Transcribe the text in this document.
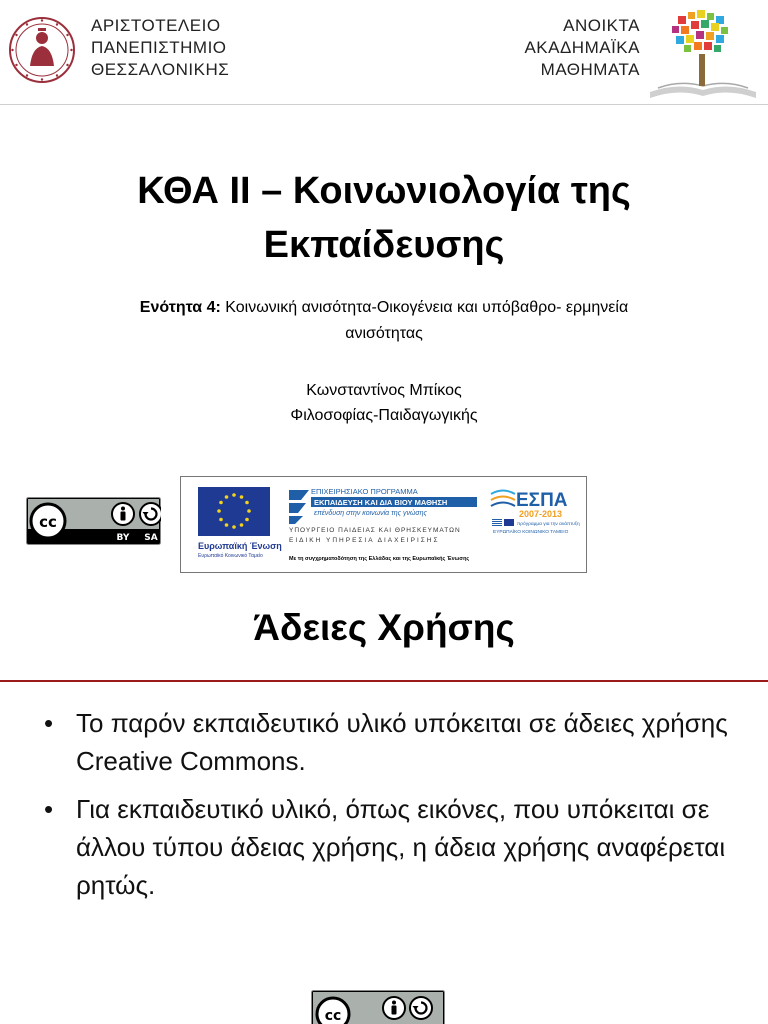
ΑΡΙΣΤΟΤΕΛΕΙΟ
ΠΑΝΕΠΙΣΤΗΜΙΟ
ΘΕΣΣΑΛΟΝΙΚΗΣ
ΑΝΟΙΚΤΑ
ΑΚΑΔΗΜΑΪΚΑ
ΜΑΘΗΜΑΤΑ
ΚΘΑ ΙΙ – Κοινωνιολογία της
Εκπαίδευσης
Ενότητα 4: Κοινωνική ανισότητα-Οικογένεια και υπόβαθρο- ερμηνεία
ανισότητας
Κωνσταντίνος Μπίκος
Φιλοσοφίας-Παιδαγωγικής
cc
BY SA
Ευρωπαϊκή Ένωση
Ευρωπαϊκό Κοινωνικό Ταμείο
ΕΠΙΧΕΙΡΗΣΙΑΚΟ ΠΡΟΓΡΑΜΜΑ
ΕΚΠΑΙΔΕΥΣΗ ΚΑΙ ΔΙΑ ΒΙΟΥ ΜΑΘΗΣΗ
επένδυση στην κοινωνία της γνώσης
ΥΠΟΥΡΓΕΙΟ ΠΑΙΔΕΙΑΣ ΚΑΙ ΘΡΗΣΚΕΥΜΑΤΩΝ
ΕΙΔΙΚΗ ΥΠΗΡΕΣΙΑ ΔΙΑΧΕΙΡΙΣΗΣ
Με τη συγχρηματοδότηση της Ελλάδας και της Ευρωπαϊκής Ένωσης
ΕΣΠΑ
2007-2013
πρόγραμμα για την ανάπτυξη
ΕΥΡΩΠΑΪΚΟ ΚΟΙΝΩΝΙΚΟ ΤΑΜΕΙΟ
Άδειες Χρήσης
• Το παρόν εκπαιδευτικό υλικό υπόκειται σε άδειες χρήσης Creative Commons.
• Για εκπαιδευτικό υλικό, όπως εικόνες, που υπόκειται σε άλλου τύπου άδειας χρήσης, η άδεια χρήσης αναφέρεται ρητώς.
cc
